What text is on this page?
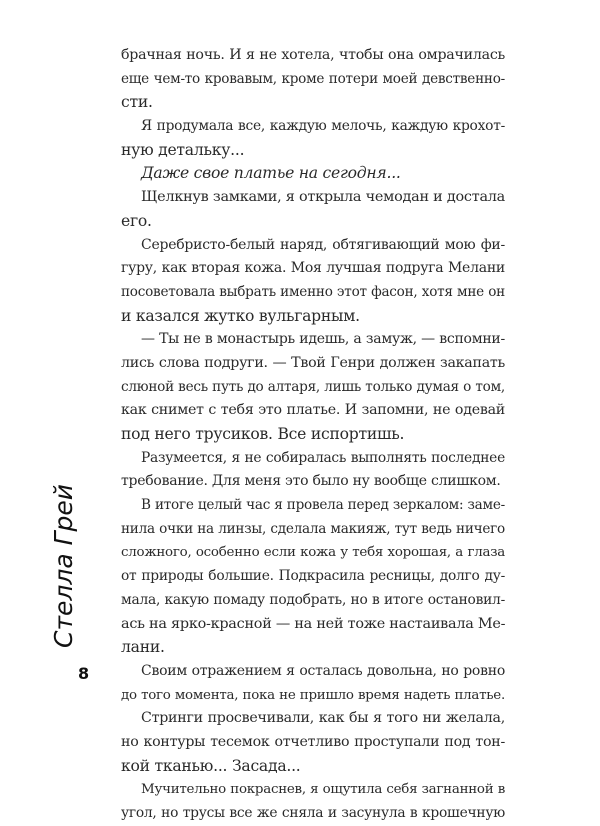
брачная ночь. И я не хотела, чтобы она омрачилась
еще чем-то кровавым, кроме потери моей девственно-
сти.
Я продумала все, каждую мелочь, каждую крохот-
ную детальку...
Даже свое платье на сегодня...
Щелкнув замками, я открыла чемодан и достала
его.
Серебристо-белый наряд, обтягивающий мою фи-
гуру, как вторая кожа. Моя лучшая подруга Мелани
посоветовала выбрать именно этот фасон, хотя мне он
и казался жутко вульгарным.
— Ты не в монастырь идешь, а замуж, — вспомни-
лись слова подруги. — Твой Генри должен закапать
слюной весь путь до алтаря, лишь только думая о том,
как снимет с тебя это платье. И запомни, не одевай
под него трусиков. Все испортишь.
Разумеется, я не собиралась выполнять последнее
требование. Для меня это было ну вообще слишком.
В итоге целый час я провела перед зеркалом: заме-
нила очки на линзы, сделала макияж, тут ведь ничего
сложного, особенно если кожа у тебя хорошая, а глаза
от природы большие. Подкрасила ресницы, долго ду-
мала, какую помаду подобрать, но в итоге остановил-
ась на ярко-красной — на ней тоже настаивала Ме-
лани.
Своим отражением я осталась довольна, но ровно
до того момента, пока не пришло время надеть платье.
Стринги просвечивали, как бы я того ни желала,
но контуры тесемок отчетливо проступали под тон-
кой тканью... Засада...
Мучительно покраснев, я ощутила себя загнанной в
угол, но трусы все же сняла и засунула в крошечную
Стелла Грей
8
